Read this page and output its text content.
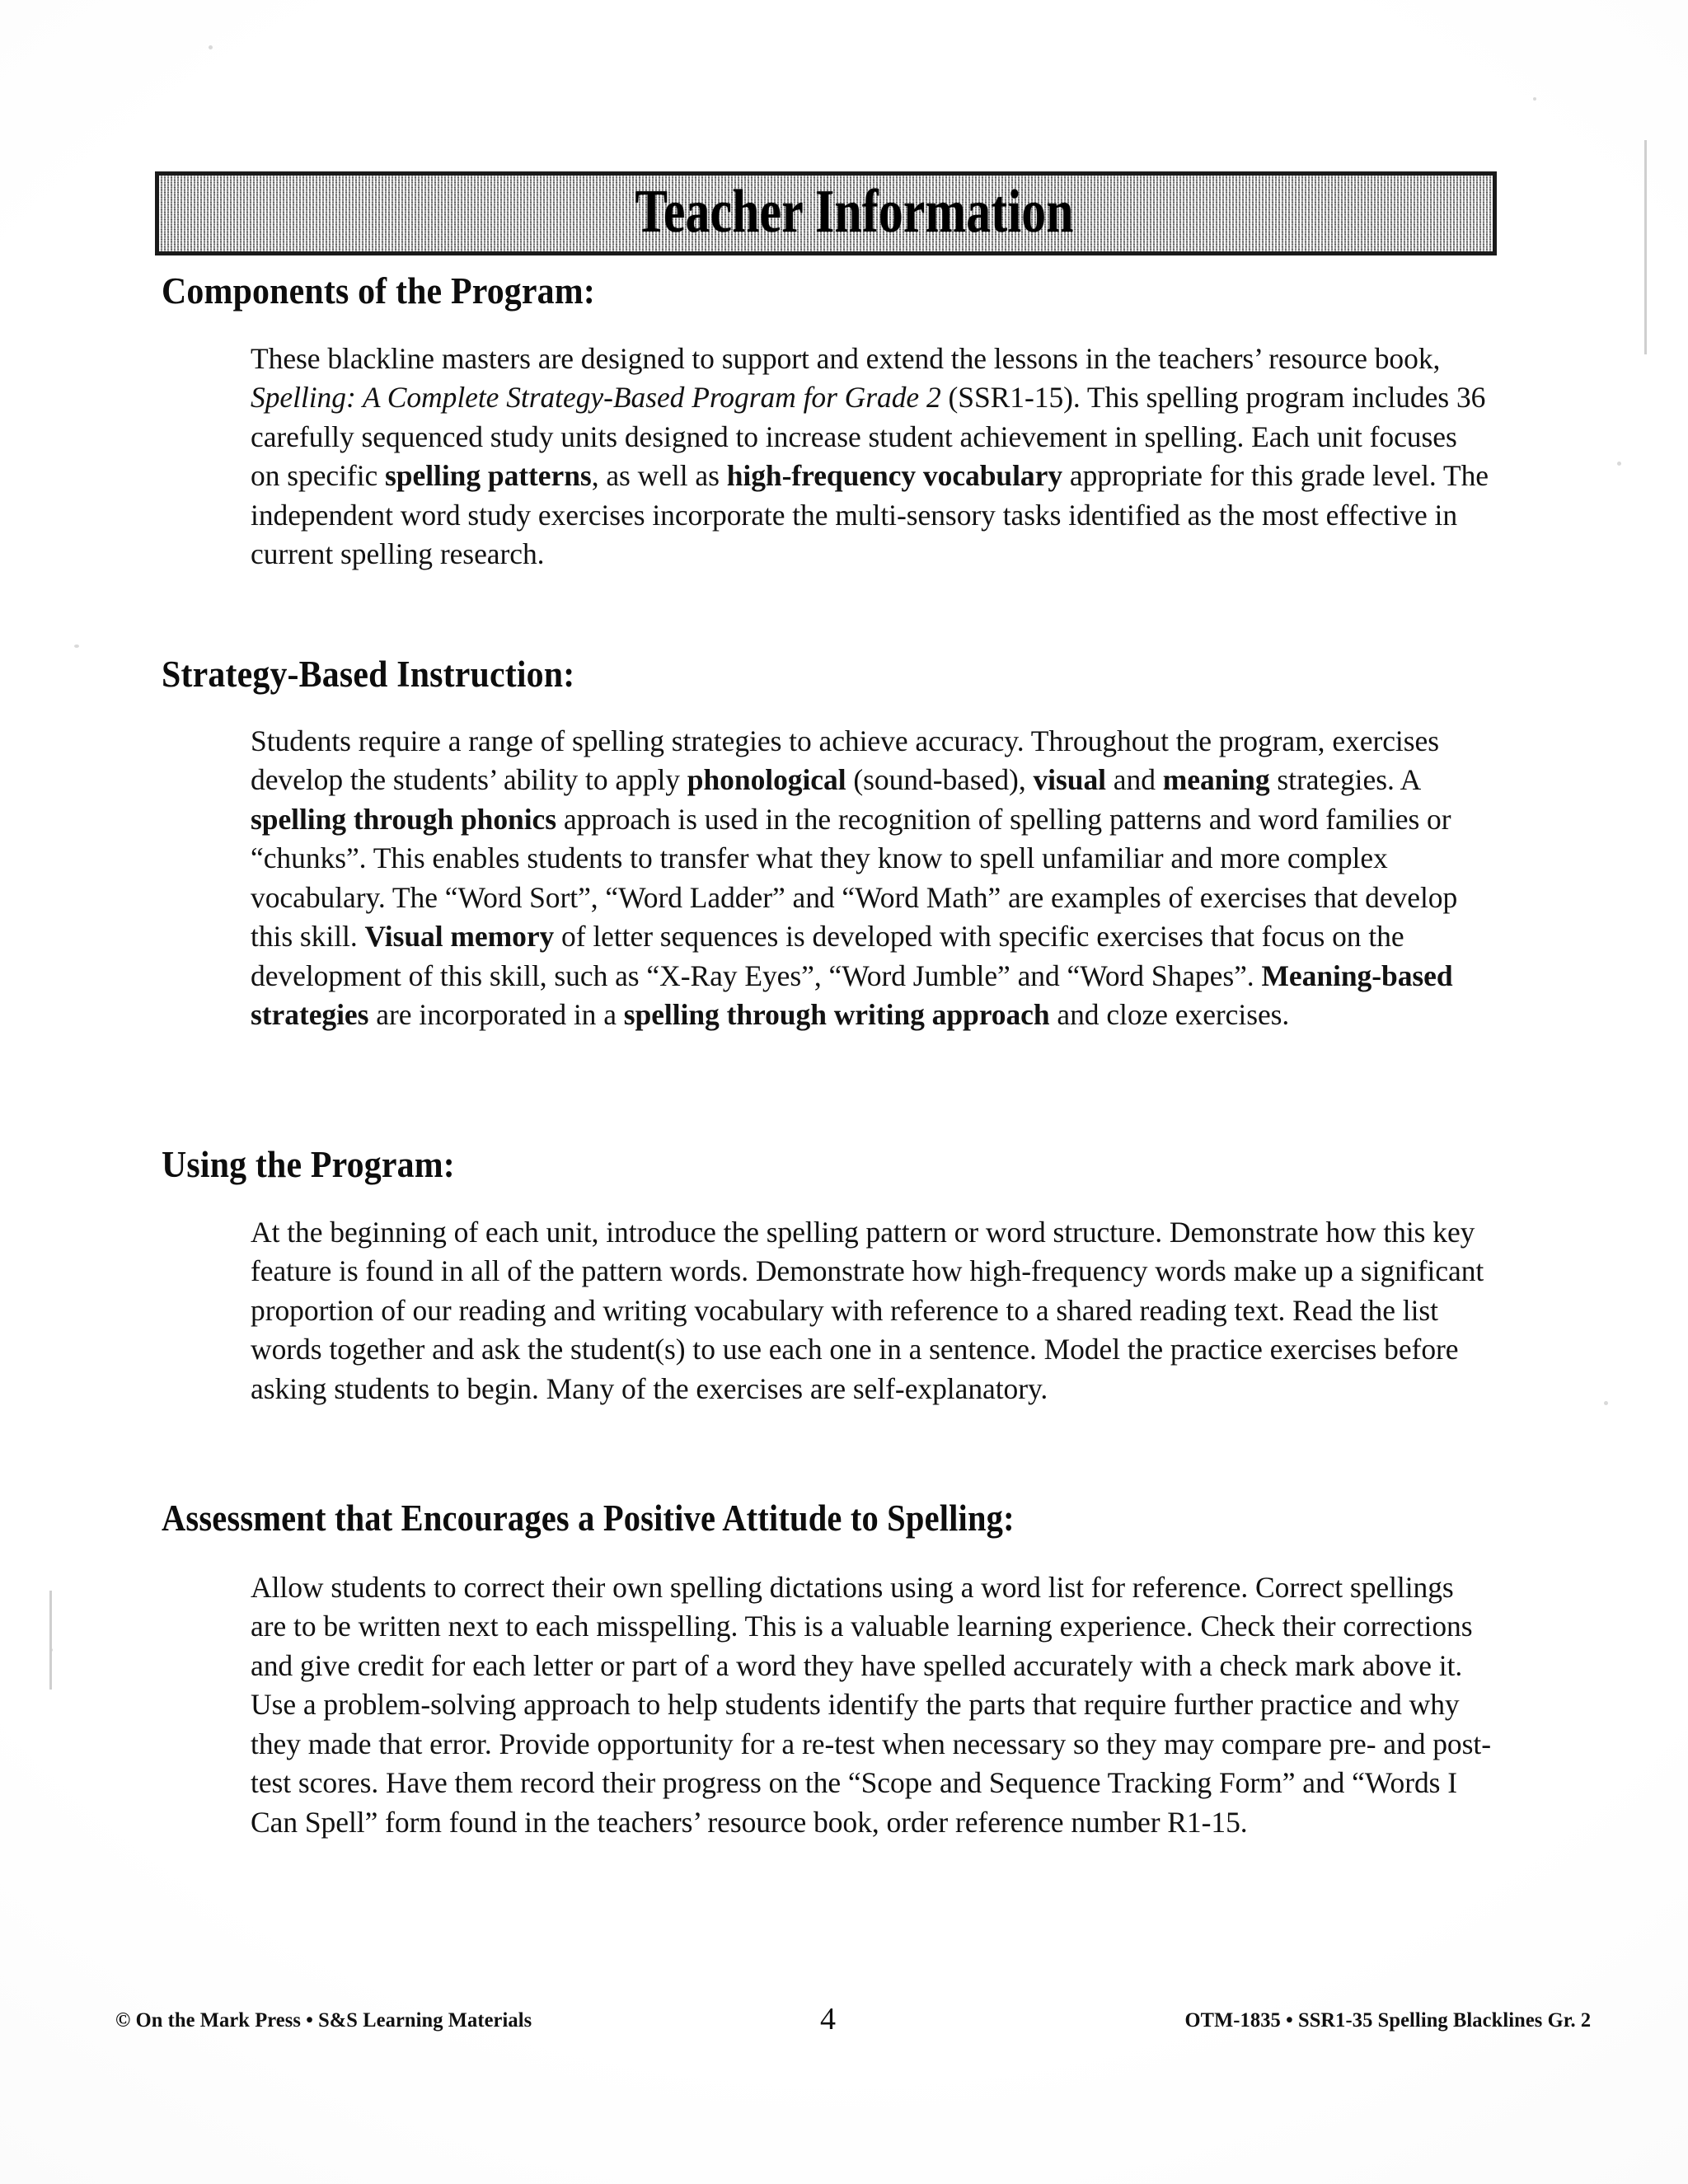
Teacher Information
Components of the Program:
These blackline masters are designed to support and extend the lessons in the teachers’ resource book, Spelling: A Complete Strategy-Based Program for Grade 2 (SSR1-15). This spelling program includes 36 carefully sequenced study units designed to increase student achievement in spelling. Each unit focuses on specific spelling patterns, as well as high-frequency vocabulary appropriate for this grade level. The independent word study exercises incorporate the multi-sensory tasks identified as the most effective in current spelling research.
Strategy-Based Instruction:
Students require a range of spelling strategies to achieve accuracy. Throughout the program, exercises develop the students’ ability to apply phonological (sound-based), visual and meaning strategies. A spelling through phonics approach is used in the recognition of spelling patterns and word families or “chunks”. This enables students to transfer what they know to spell unfamiliar and more complex vocabulary. The “Word Sort”, “Word Ladder” and “Word Math” are examples of exercises that develop this skill. Visual memory of letter sequences is developed with specific exercises that focus on the development of this skill, such as “X-Ray Eyes”, “Word Jumble” and “Word Shapes”. Meaning-based strategies are incorporated in a spelling through writing approach and cloze exercises.
Using the Program:
At the beginning of each unit, introduce the spelling pattern or word structure. Demonstrate how this key feature is found in all of the pattern words. Demonstrate how high-frequency words make up a significant proportion of our reading and writing vocabulary with reference to a shared reading text. Read the list words together and ask the student(s) to use each one in a sentence. Model the practice exercises before asking students to begin. Many of the exercises are self-explanatory.
Assessment that Encourages a Positive Attitude to Spelling:
Allow students to correct their own spelling dictations using a word list for reference. Correct spellings are to be written next to each misspelling. This is a valuable learning experience. Check their corrections and give credit for each letter or part of a word they have spelled accurately with a check mark above it. Use a problem-solving approach to help students identify the parts that require further practice and why they made that error. Provide opportunity for a re-test when necessary so they may compare pre- and post-test scores. Have them record their progress on the “Scope and Sequence Tracking Form” and “Words I Can Spell” form found in the teachers’ resource book, order reference number R1-15.
© On the Mark Press • S&S Learning Materials	4	OTM-1835 • SSR1-35 Spelling Blacklines Gr. 2
